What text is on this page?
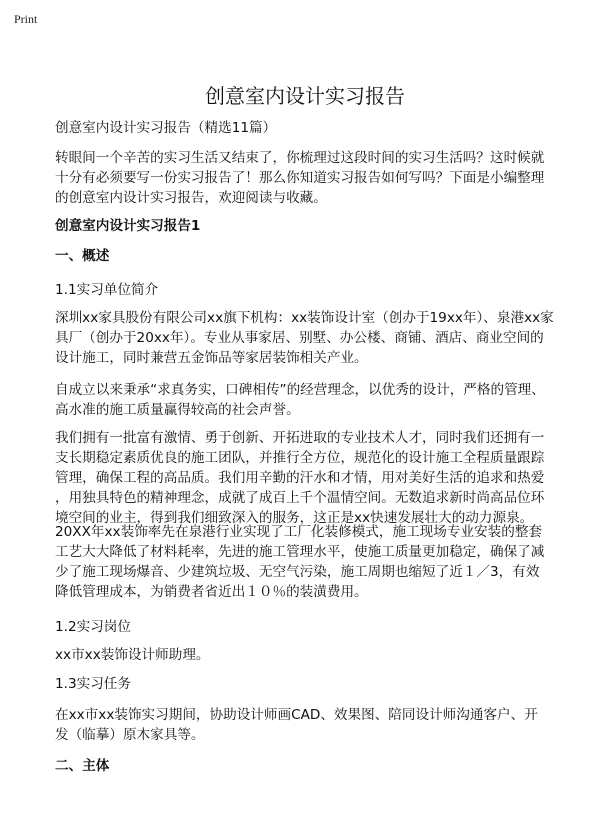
Print
创意室内设计实习报告
创意室内设计实习报告（精选11篇）
转眼间一个辛苦的实习生活又结束了，你梳理过这段时间的实习生活吗？这时候就
十分有必须要写一份实习报告了！那么你知道实习报告如何写吗？下面是小编整理
的创意室内设计实习报告，欢迎阅读与收藏。
创意室内设计实习报告1
一、概述
1.1实习单位简介
深圳xx家具股份有限公司xx旗下机构：xx装饰设计室（创办于19xx年）、泉港xx家
具厂（创办于20xx年）。专业从事家居、别墅、办公楼、商铺、酒店、商业空间的
设计施工，同时兼营五金饰品等家居装饰相关产业。
自成立以来秉承“求真务实，口碑相传”的经营理念，以优秀的设计，严格的管理、
高水准的施工质量赢得较高的社会声誉。
我们拥有一批富有激情、勇于创新、开拓进取的专业技术人才，同时我们还拥有一
支长期稳定素质优良的施工团队，并推行全方位，规范化的设计施工全程质量跟踪
管理，确保工程的高品质。我们用辛勤的汗水和才情，用对美好生活的追求和热爱
，用独具特色的精神理念，成就了成百上千个温情空间。无数追求新时尚高品位环
境空间的业主，得到我们细致深入的服务，这正是xx快速发展壮大的动力源泉。
20XX年xx装饰率先在泉港行业实现了工厂化装修模式，施工现场专业安装的整套
工艺大大降低了材料耗率，先进的施工管理水平，使施工质量更加稳定，确保了减
少了施工现场爆音、少建筑垃圾、无空气污染，施工周期也缩短了近１／3，有效
降低管理成本，为销费者省近出１０％的装潢费用。
1.2实习岗位
xx市xx装饰设计师助理。
1.3实习任务
在xx市xx装饰实习期间，协助设计师画CAD、效果图、陪同设计师沟通客户、开
发（临摹）原木家具等。
二、主体
